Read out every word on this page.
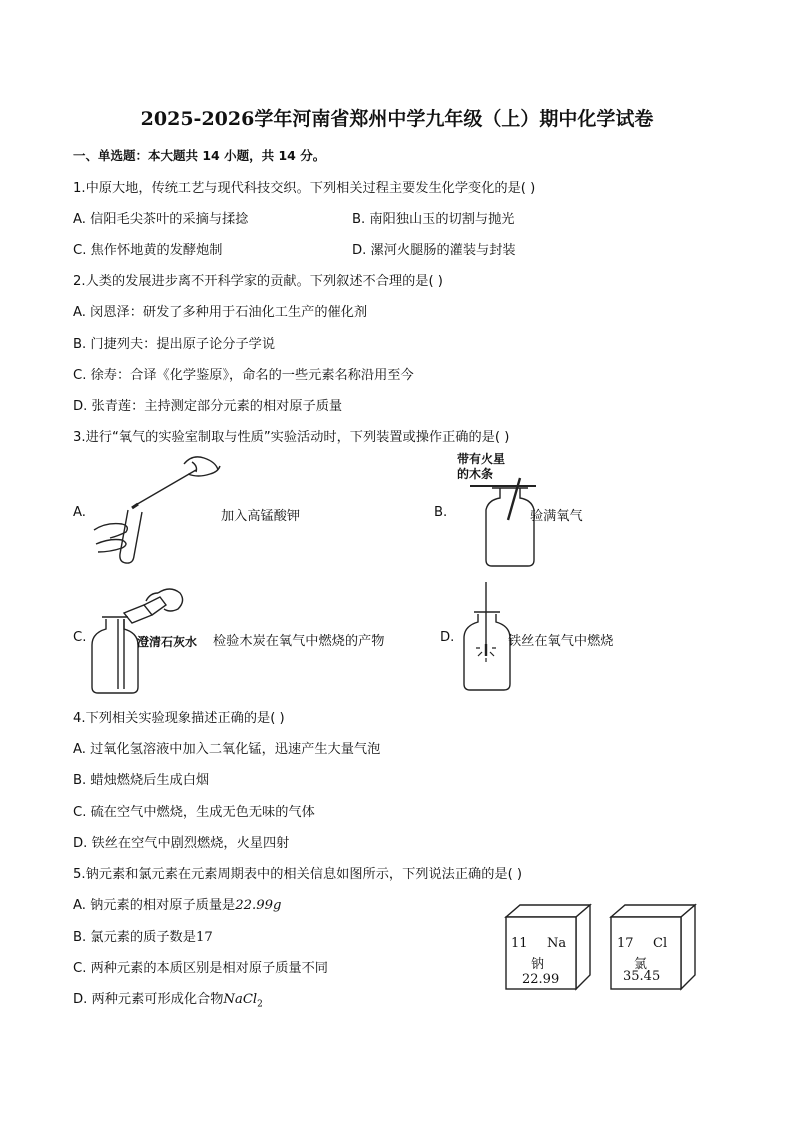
2025-2026学年河南省郑州中学九年级（上）期中化学试卷
一、单选题：本大题共 14 小题，共 14 分。
1.中原大地，传统工艺与现代科技交织。下列相关过程主要发生化学变化的是( )
A. 信阳毛尖茶叶的采摘与揉捻	B. 南阳独山玉的切割与抛光
C. 焦作怀地黄的发酵炮制	D. 漯河火腿肠的灌装与封装
2.人类的发展进步离不开科学家的贡献。下列叙述不合理的是( )
A. 闵恩泽：研发了多种用于石油化工生产的催化剂
B. 门捷列夫：提出原子论分子学说
C. 徐寿：合译《化学鉴原》，命名的一些元素名称沿用至今
D. 张青莲：主持测定部分元素的相对原子质量
3.进行“氧气的实验室制取与性质”实验活动时，下列装置或操作正确的是( )
A.	加入高锰酸钾	B.
带有火星
的木条
验满氧气
C.	澄清石灰水 检验木炭在氧气中燃烧的产物	D.	铁丝在氧气中燃烧
4.下列相关实验现象描述正确的是( )
A. 过氧化氢溶液中加入二氧化锰，迅速产生大量气泡
B. 蜡烛燃烧后生成白烟
C. 硫在空气中燃烧，生成无色无味的气体
D. 铁丝在空气中剧烈燃烧，火星四射
5.钠元素和氯元素在元素周期表中的相关信息如图所示，下列说法正确的是( )
A. 钠元素的相对原子质量是22.99g
B. 氯元素的质子数是17
C. 两种元素的本质区别是相对原子质量不同
D. 两种元素可形成化合物NaCl$_2$
11 Na
钠
22.99
17 Cl
氯
35.45
